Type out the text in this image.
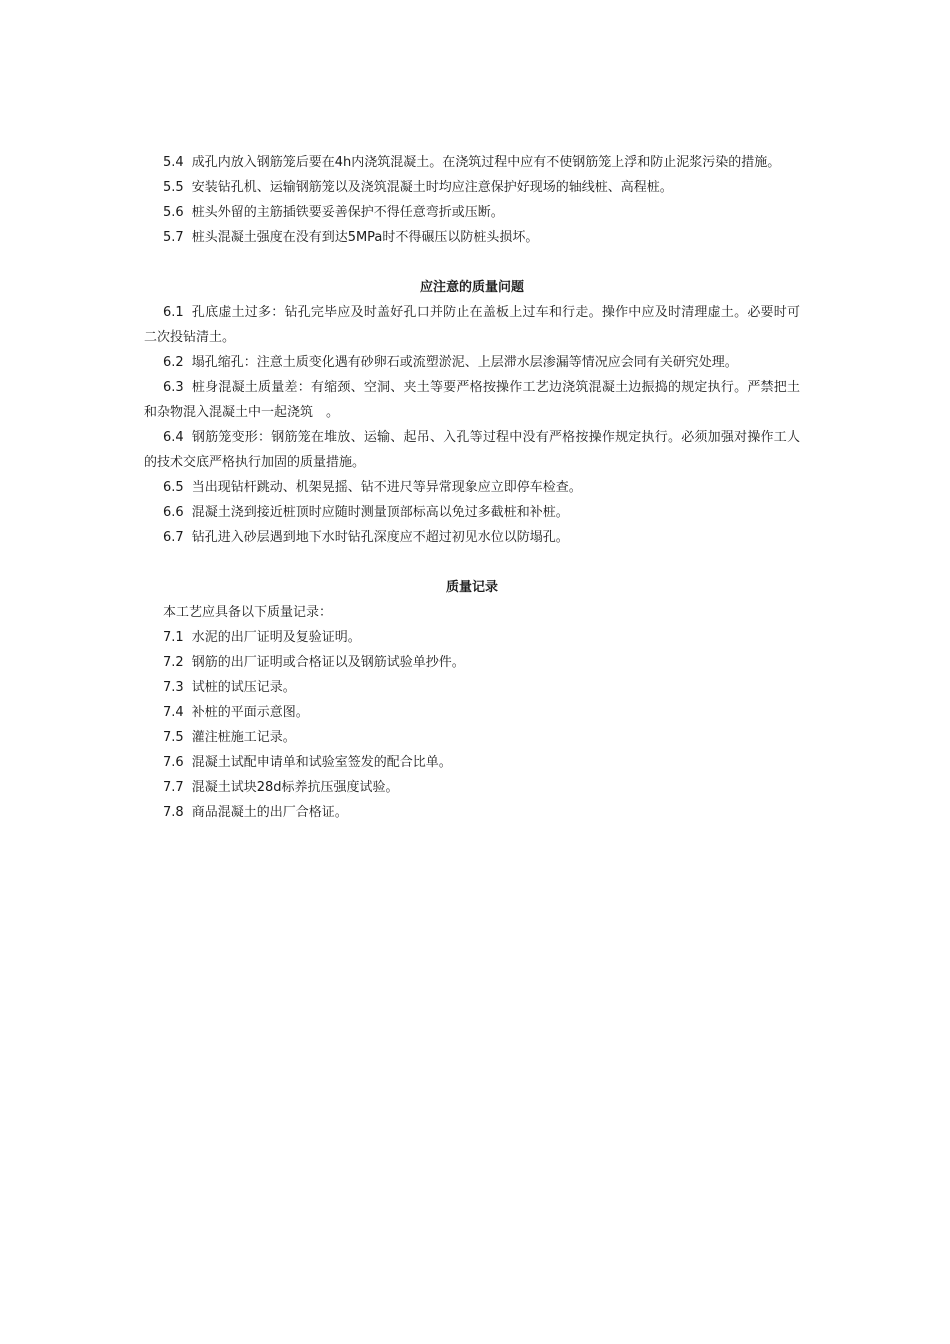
5.4 成孔内放入钢筋笼后要在4h内浇筑混凝土。在浇筑过程中应有不使钢筋笼上浮和防止泥浆污染的措施。

5.5 安装钻孔机、运输钢筋笼以及浇筑混凝土时均应注意保护好现场的轴线桩、高程桩。

5.6 桩头外留的主筋插铁要妥善保护不得任意弯折或压断。

5.7 桩头混凝土强度在没有到达5MPa时不得碾压以防桩头损坏。

应注意的质量问题

6.1 孔底虚土过多：钻孔完毕应及时盖好孔口并防止在盖板上过车和行走。操作中应及时清理虚土。必要时可二次投钻清土。

6.2 塌孔缩孔：注意土质变化遇有砂卵石或流塑淤泥、上层滞水层渗漏等情况应会同有关研究处理。

6.3 桩身混凝土质量差：有缩颈、空洞、夹土等要严格按操作工艺边浇筑混凝土边振捣的规定执行。严禁把土和杂物混入混凝土中一起浇筑　。

6.4 钢筋笼变形：钢筋笼在堆放、运输、起吊、入孔等过程中没有严格按操作规定执行。必须加强对操作工人的技术交底严格执行加固的质量措施。

6.5 当出现钻杆跳动、机架晃摇、钻不进尺等异常现象应立即停车检查。

6.6 混凝土浇到接近桩顶时应随时测量顶部标高以免过多截桩和补桩。

6.7 钻孔进入砂层遇到地下水时钻孔深度应不超过初见水位以防塌孔。

质量记录

本工艺应具备以下质量记录：

7.1 水泥的出厂证明及复验证明。

7.2 钢筋的出厂证明或合格证以及钢筋试验单抄件。

7.3 试桩的试压记录。

7.4 补桩的平面示意图。

7.5 灌注桩施工记录。

7.6 混凝土试配申请单和试验室签发的配合比单。

7.7 混凝土试块28d标养抗压强度试验。

7.8 商品混凝土的出厂合格证。
